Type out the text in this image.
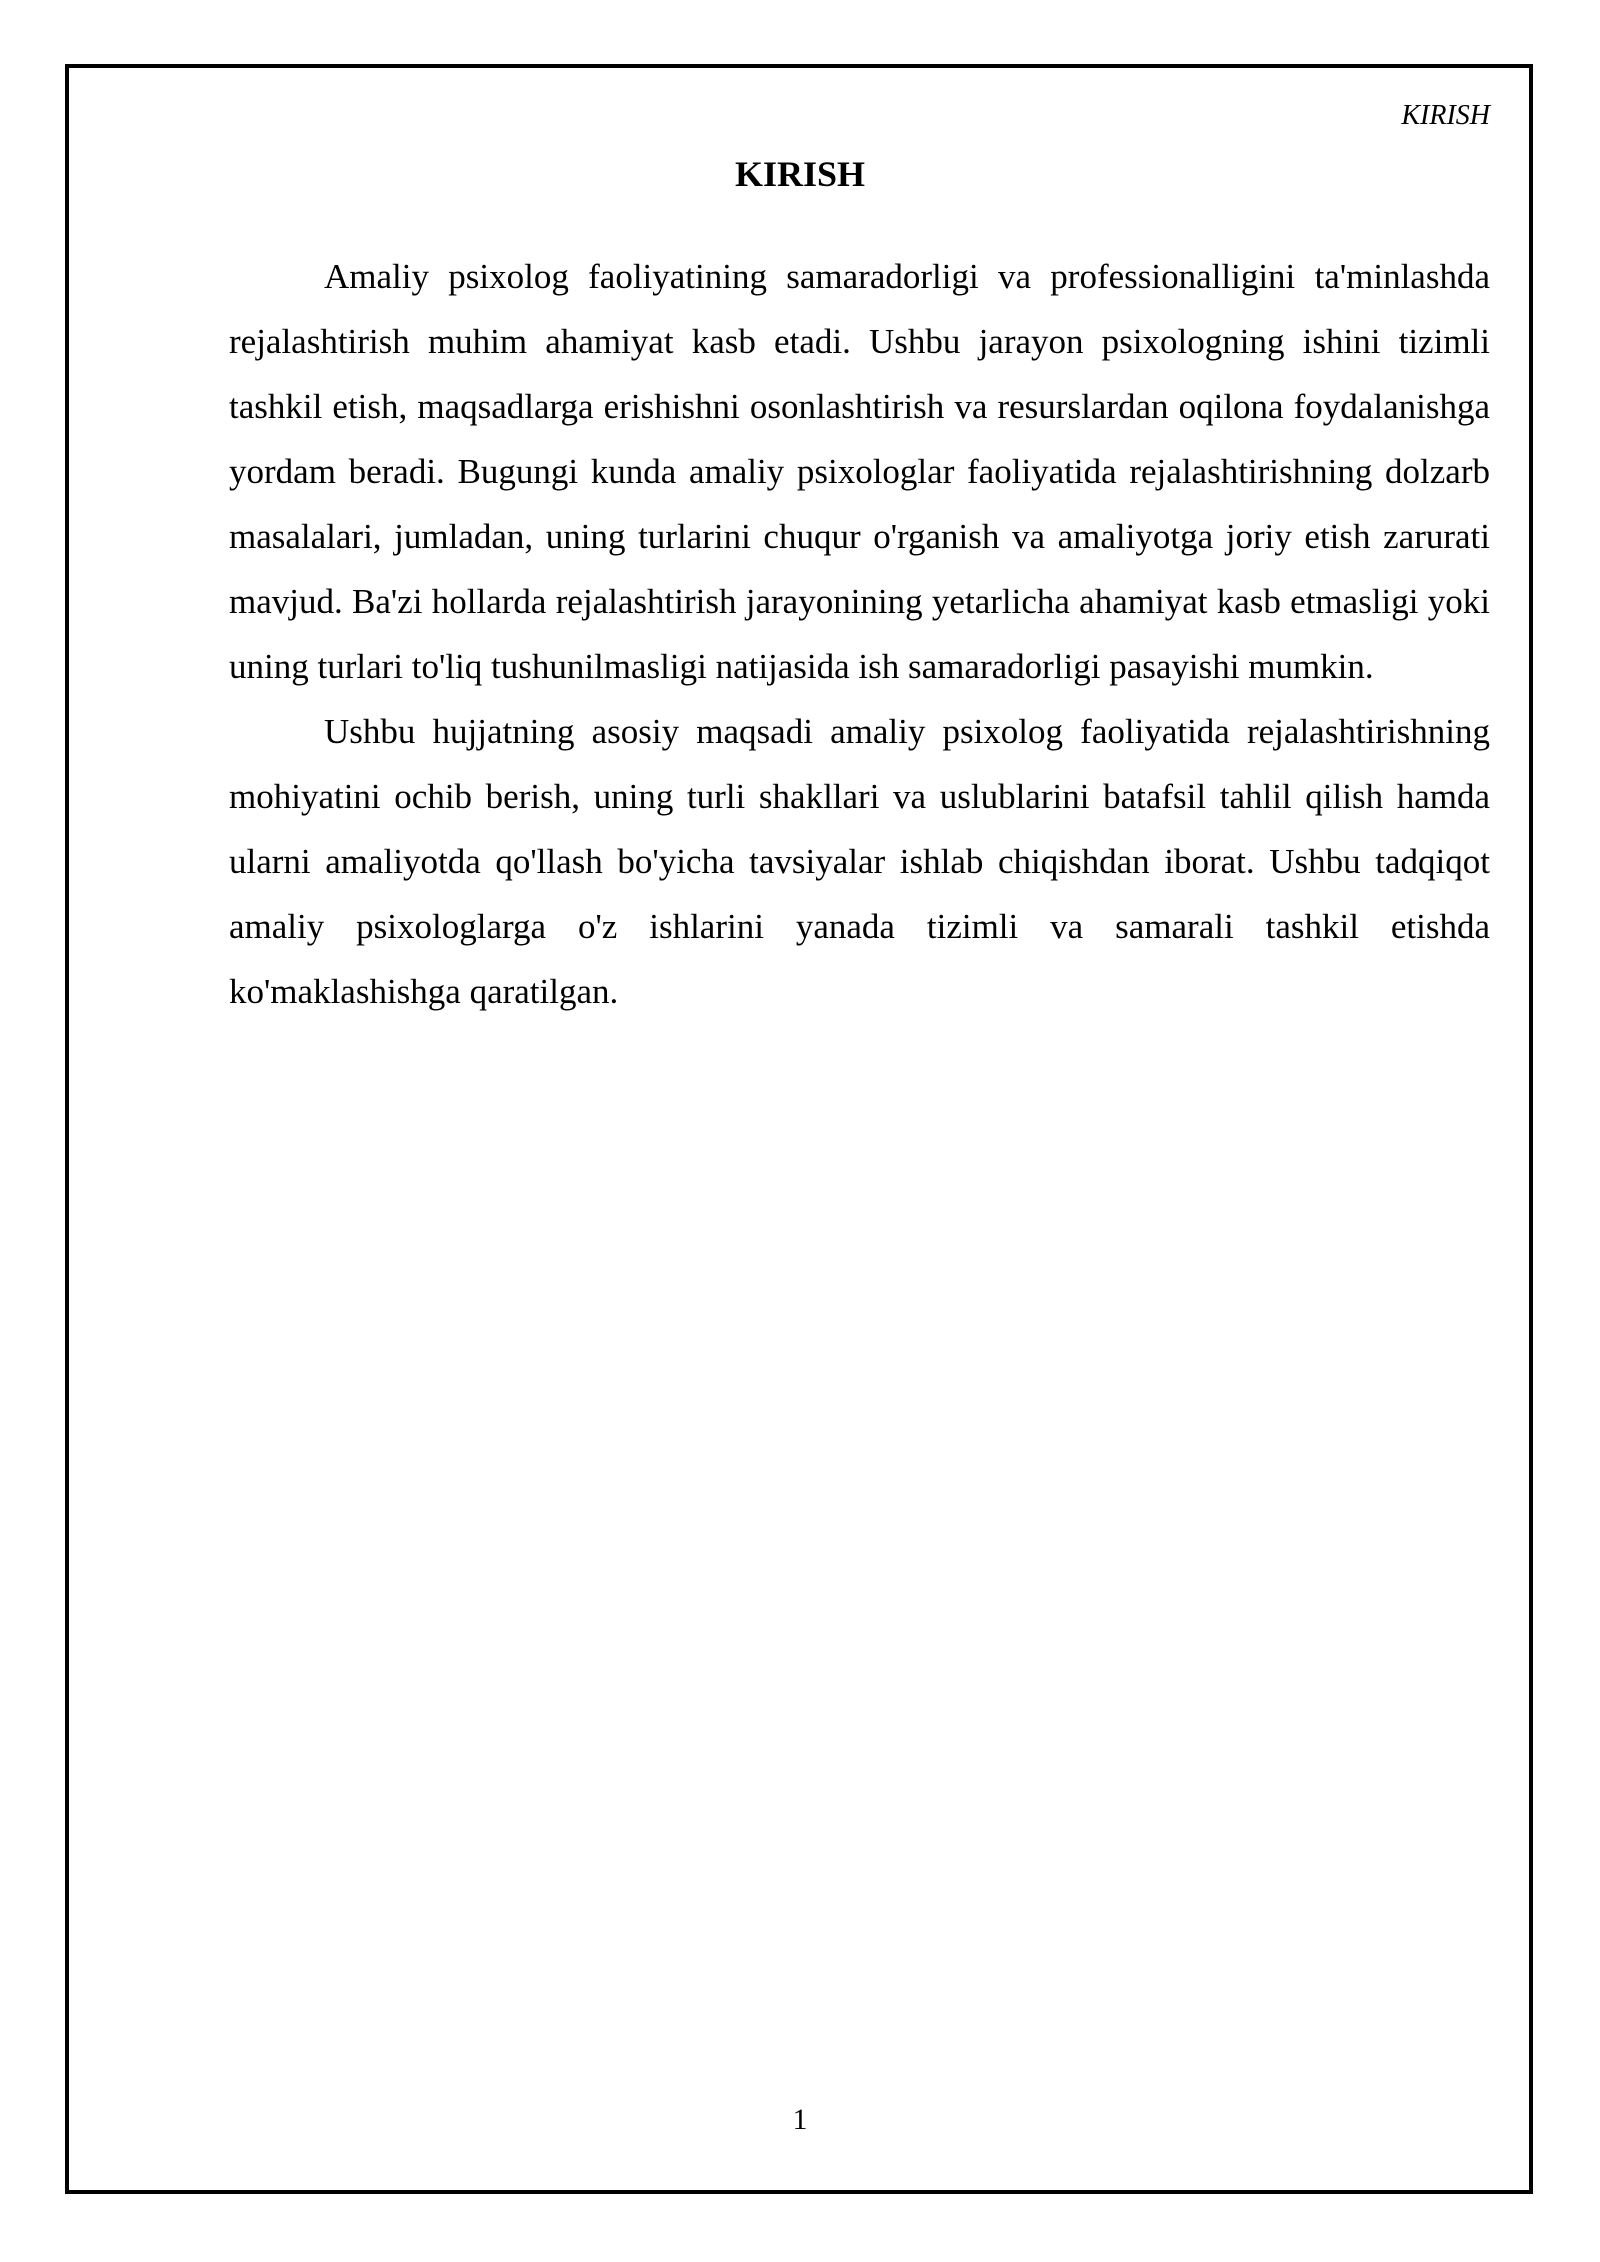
KIRISH
KIRISH

Amaliy psixolog faoliyatining samaradorligi va professionalligini ta'minlashda rejalashtirish muhim ahamiyat kasb etadi. Ushbu jarayon psixologning ishini tizimli tashkil etish, maqsadlarga erishishni osonlashtirish va resurslardan oqilona foydalanishga yordam beradi. Bugungi kunda amaliy psixologlar faoliyatida rejalashtirishning dolzarb masalalari, jumladan, uning turlarini chuqur o'rganish va amaliyotga joriy etish zarurati mavjud. Ba'zi hollarda rejalashtirish jarayonining yetarlicha ahamiyat kasb etmasligi yoki uning turlari to'liq tushunilmasligi natijasida ish samaradorligi pasayishi mumkin.

Ushbu hujjatning asosiy maqsadi amaliy psixolog faoliyatida rejalashtirishning mohiyatini ochib berish, uning turli shakllari va uslublarini batafsil tahlil qilish hamda ularni amaliyotda qo'llash bo'yicha tavsiyalar ishlab chiqishdan iborat. Ushbu tadqiqot amaliy psixologlarga o'z ishlarini yanada tizimli va samarali tashkil etishda ko'maklashishga qaratilgan.

1
